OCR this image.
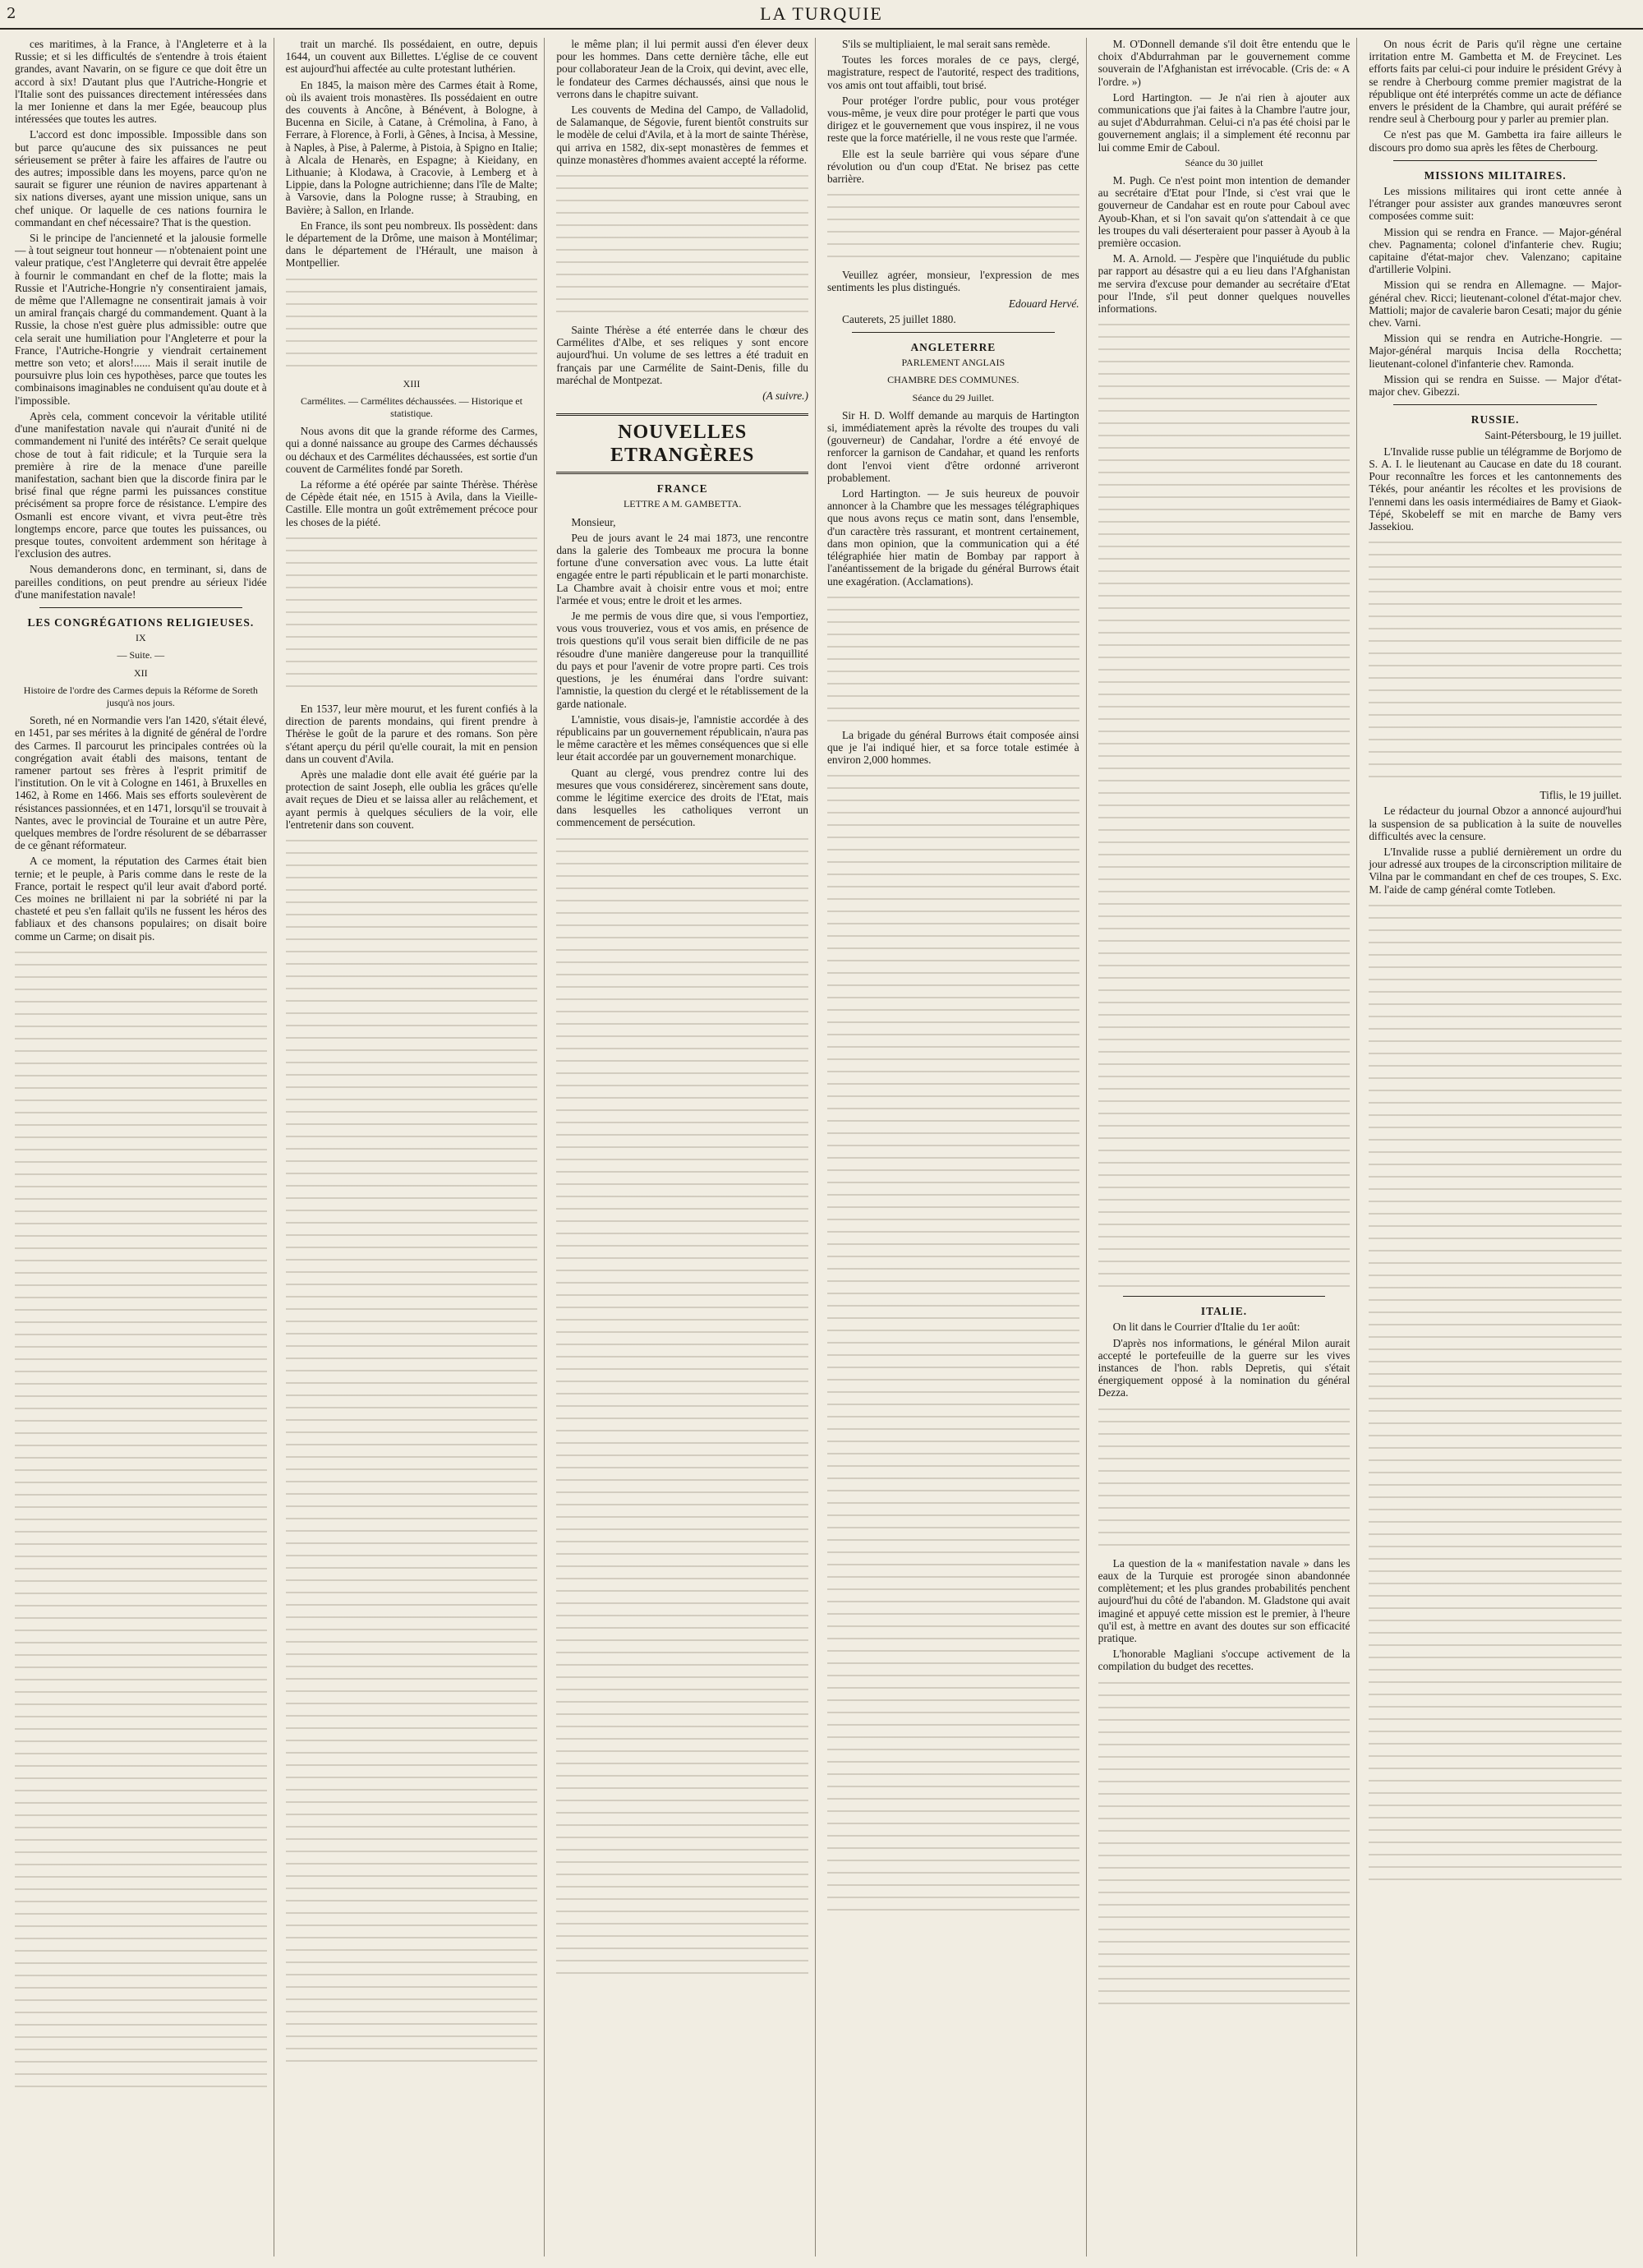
2	LA TURQUIE

ces maritimes, à la France, à l'Angleterre et à la Russie; et si les difficultés de s'entendre à trois étaient grandes, avant Navarin, on se figure ce que doit être un accord à six! D'autant plus que l'Autriche-Hongrie et l'Italie sont des puissances directement intéressées dans la mer Ionienne et dans la mer Egée, beaucoup plus intéressées que toutes les autres.

L'accord est donc impossible. Impossible dans son but parce qu'aucune des six puissances ne peut sérieusement se prêter à faire les affaires de l'autre ou des autres; impossible dans les moyens, parce qu'on ne saurait se figurer une réunion de navires appartenant à six nations diverses, ayant une mission unique, sans un chef unique. Or laquelle de ces nations fournira le commandant en chef nécessaire? That is the question.

Si le principe de l'ancienneté et la jalousie formelle — à tout seigneur tout honneur — n'obtenaient point une valeur pratique, c'est l'Angleterre qui devrait être appelée à fournir le commandant en chef de la flotte; mais la Russie et l'Autriche-Hongrie n'y consentiraient jamais, de même que l'Allemagne ne consentirait jamais à voir un amiral français chargé du commandement. Quant à la Russie, la chose n'est guère plus admissible: outre que cela serait une humiliation pour l'Angleterre et pour la France, l'Autriche-Hongrie y viendrait certainement mettre son veto; et alors!...... Mais il serait inutile de poursuivre plus loin ces hypothèses, parce que toutes les combinaisons imaginables ne conduisent qu'au doute et à l'impossible.

Après cela, comment concevoir la véritable utilité d'une manifestation navale qui n'aurait d'unité ni de commandement ni l'unité des intérêts? Ce serait quelque chose de tout à fait ridicule; et la Turquie sera la première à rire de la menace d'une pareille manifestation, sachant bien que la discorde finira par le brisé final que régne parmi les puissances constitue précisément sa propre force de résistance. L'empire des Osmanli est encore vivant, et vivra peut-être très longtemps encore, parce que toutes les puissances, ou presque toutes, convoitent ardemment son héritage à l'exclusion des autres.

Nous demanderons donc, en terminant, si, dans de pareilles conditions, on peut prendre au sérieux l'idée d'une manifestation navale!

LES CONGRÉGATIONS RELIGIEUSES.

IX

— Suite. —

XII

Histoire de l'ordre des Carmes depuis la Réforme de Soreth jusqu'à nos jours.

Soreth, né en Normandie vers l'an 1420, s'était élevé, en 1451, par ses mérites à la dignité de général de l'ordre des Carmes. Il parcourut les principales contrées où la congrégation avait établi des maisons, tentant de ramener partout ses frères à l'esprit primitif de l'institution. On le vit à Cologne en 1461, à Bruxelles en 1462, à Rome en 1466. Mais ses efforts soulevèrent de résistances passionnées, et en 1471, lorsqu'il se trouvait à Nantes, avec le provincial de Touraine et un autre Père, quelques membres de l'ordre résolurent de se débarrasser de ce gênant réformateur.

A ce moment, la réputation des Carmes était bien ternie; et le peuple, à Paris comme dans le reste de la France, portait le respect qu'il leur avait d'abord porté. Ces moines ne brillaient ni par la sobriété ni par la chasteté et peu s'en fallait qu'ils ne fussent les héros des fabliaux et des chansons populaires; on disait boire comme un Carme; on disait pis.

trait un marché. Ils possédaient, en outre, depuis 1644, un couvent aux Billettes. L'église de ce couvent est aujourd'hui affectée au culte protestant luthérien.

En 1845, la maison mère des Carmes était à Rome, où ils avaient trois monastères. Ils possédaient en outre des couvents à Ancône, à Bénévent, à Bologne, à Bucenna en Sicile, à Catane, à Crémolina, à Fano, à Ferrare, à Florence, à Forli, à Gênes, à Incisa, à Messine, à Naples, à Pise, à Palerme, à Pistoia, à Spigno en Italie; à Alcala de Henarès, en Espagne; à Kieidany, en Lithuanie; à Klodawa, à Cracovie, à Lemberg et à Lippie, dans la Pologne autrichienne; dans l'île de Malte; à Varsovie, dans la Pologne russe; à Straubing, en Bavière; à Sallon, en Irlande.

En France, ils sont peu nombreux. Ils possèdent: dans le département de la Drôme, une maison à Montélimar; dans le département de l'Hérault, une maison à Montpellier.

XIII

Carmélites. — Carmélites déchaussées. — Historique et statistique.

Nous avons dit que la grande réforme des Carmes, qui a donné naissance au groupe des Carmes déchaussés ou déchaux et des Carmélites déchaussées, est sortie d'un couvent de Carmélites fondé par Soreth.

La réforme a été opérée par sainte Thérèse. Thérèse de Cépède était née, en 1515 à Avila, dans la Vieille-Castille. Elle montra un goût extrêmement précoce pour les choses de la piété.

En 1537, leur mère mourut, et les furent confiés à la direction de parents mondains, qui firent prendre à Thérèse le goût de la parure et des romans. Son père s'étant aperçu du péril qu'elle courait, la mit en pension dans un couvent d'Avila.

Après une maladie dont elle avait été guérie par la protection de saint Joseph, elle oublia les grâces qu'elle avait reçues de Dieu et se laissa aller au relâchement, et ayant permis à quelques séculiers de la voir, elle l'entretenir dans son couvent.

le même plan; il lui permit aussi d'en élever deux pour les hommes. Dans cette dernière tâche, elle eut pour collaborateur Jean de la Croix, qui devint, avec elle, le fondateur des Carmes déchaussés, ainsi que nous le verrons dans le chapitre suivant.

Les couvents de Medina del Campo, de Valladolid, de Salamanque, de Ségovie, furent bientôt construits sur le modèle de celui d'Avila, et à la mort de sainte Thérèse, qui arriva en 1582, dix-sept monastères de femmes et quinze monastères d'hommes avaient accepté la réforme.

Sainte Thérèse a été enterrée dans le chœur des Carmélites d'Albe, et ses reliques y sont encore aujourd'hui. Un volume de ses lettres a été traduit en français par une Carmélite de Saint-Denis, fille du maréchal de Montpezat.

(A suivre.)

NOUVELLES ETRANGÈRES

FRANCE

LETTRE A M. GAMBETTA.

Monsieur,

Peu de jours avant le 24 mai 1873, une rencontre dans la galerie des Tombeaux me procura la bonne fortune d'une conversation avec vous. La lutte était engagée entre le parti républicain et le parti monarchiste. La Chambre avait à choisir entre vous et moi; entre l'armée et vous; entre le droit et les armes.

Je me permis de vous dire que, si vous l'emportiez, vous vous trouveriez, vous et vos amis, en présence de trois questions qu'il vous serait bien difficile de ne pas résoudre d'une manière dangereuse pour la tranquillité du pays et pour l'avenir de votre propre parti. Ces trois questions, je les énumérai dans l'ordre suivant: l'amnistie, la question du clergé et le rétablissement de la garde nationale.

L'amnistie, vous disais-je, l'amnistie accordée à des républicains par un gouvernement républicain, n'aura pas le même caractère et les mêmes conséquences que si elle leur était accordée par un gouvernement monarchique.

Quant au clergé, vous prendrez contre lui des mesures que vous considérerez, sincèrement sans doute, comme le légitime exercice des droits de l'Etat, mais dans lesquelles les catholiques verront un commencement de persécution.

S'ils se multipliaient, le mal serait sans remède.

Toutes les forces morales de ce pays, clergé, magistrature, respect de l'autorité, respect des traditions, vos amis ont tout affaibli, tout brisé.

Pour protéger l'ordre public, pour vous protéger vous-même, je veux dire pour protéger le parti que vous dirigez et le gouvernement que vous inspirez, il ne vous reste que la force matérielle, il ne vous reste que l'armée.

Elle est la seule barrière qui vous sépare d'une révolution ou d'un coup d'Etat. Ne brisez pas cette barrière.

Veuillez agréer, monsieur, l'expression de mes sentiments les plus distingués.

Edouard Hervé.

Cauterets, 25 juillet 1880.

ANGLETERRE

PARLEMENT ANGLAIS

CHAMBRE DES COMMUNES.

Séance du 29 Juillet.

Sir H. D. Wolff demande au marquis de Hartington si, immédiatement après la révolte des troupes du vali (gouverneur) de Candahar, l'ordre a été envoyé de renforcer la garnison de Candahar, et quand les renforts dont l'envoi vient d'être ordonné arriveront probablement.

Lord Hartington. — Je suis heureux de pouvoir annoncer à la Chambre que les messages télégraphiques que nous avons reçus ce matin sont, dans l'ensemble, d'un caractère très rassurant, et montrent certainement, dans mon opinion, que la communication qui a été télégraphiée hier matin de Bombay par rapport à l'anéantissement de la brigade du général Burrows était une exagération. (Acclamations).

La brigade du général Burrows était composée ainsi que je l'ai indiqué hier, et sa force totale estimée à environ 2,000 hommes.

M. O'Donnell demande s'il doit être entendu que le choix d'Abdurrahman par le gouvernement comme souverain de l'Afghanistan est irrévocable. (Cris de: « A l'ordre. »)

Lord Hartington. — Je n'ai rien à ajouter aux communications que j'ai faites à la Chambre l'autre jour, au sujet d'Abdurrahman. Celui-ci n'a pas été choisi par le gouvernement anglais; il a simplement été reconnu par lui comme Emir de Caboul.

Séance du 30 juillet

M. Pugh. Ce n'est point mon intention de demander au secrétaire d'Etat pour l'Inde, si c'est vrai que le gouverneur de Candahar est en route pour Caboul avec Ayoub-Khan, et si l'on savait qu'on s'attendait à ce que les troupes du vali déserteraient pour passer à Ayoub à la première occasion.

M. A. Arnold. — J'espère que l'inquiétude du public par rapport au désastre qui a eu lieu dans l'Afghanistan me servira d'excuse pour demander au secrétaire d'Etat pour l'Inde, s'il peut donner quelques nouvelles informations.

ITALIE.

On lit dans le Courrier d'Italie du 1er août:

D'après nos informations, le général Milon aurait accepté le portefeuille de la guerre sur les vives instances de l'hon. rabls Depretis, qui s'était énergiquement opposé à la nomination du général Dezza.

La question de la « manifestation navale » dans les eaux de la Turquie est prorogée sinon abandonnée complètement; et les plus grandes probabilités penchent aujourd'hui du côté de l'abandon. M. Gladstone qui avait imaginé et appuyé cette mission est le premier, à l'heure qu'il est, à mettre en avant des doutes sur son efficacité pratique.

L'honorable Magliani s'occupe activement de la compilation du budget des recettes.

On nous écrit de Paris qu'il règne une certaine irritation entre M. Gambetta et M. de Freycinet. Les efforts faits par celui-ci pour induire le président Grévy à se rendre à Cherbourg comme premier magistrat de la république ont été interprétés comme un acte de défiance envers le président de la Chambre, qui aurait préféré se rendre seul à Cherbourg pour y parler au premier plan.

Ce n'est pas que M. Gambetta ira faire ailleurs le discours pro domo sua après les fêtes de Cherbourg.

MISSIONS MILITAIRES.

Les missions militaires qui iront cette année à l'étranger pour assister aux grandes manœuvres seront composées comme suit:

Mission qui se rendra en France. — Major-général chev. Pagnamenta; colonel d'infanterie chev. Rugiu; capitaine d'état-major chev. Valenzano; capitaine d'artillerie Volpini.

Mission qui se rendra en Allemagne. — Major-général chev. Ricci; lieutenant-colonel d'état-major chev. Mattioli; major de cavalerie baron Cesati; major du génie chev. Varni.

Mission qui se rendra en Autriche-Hongrie. — Major-général marquis Incisa della Rocchetta; lieutenant-colonel d'infanterie chev. Ramonda.

Mission qui se rendra en Suisse. — Major d'état-major chev. Gibezzi.

RUSSIE.

Saint-Pétersbourg, le 19 juillet.

L'Invalide russe publie un télégramme de Borjomo de S. A. I. le lieutenant au Caucase en date du 18 courant. Pour reconnaître les forces et les cantonnements des Tékés, pour anéantir les récoltes et les provisions de l'ennemi dans les oasis intermédiaires de Bamy et Giaok-Tépé, Skobeleff se mit en marche de Bamy vers Jassekiou.

Tiflis, le 19 juillet.

Le rédacteur du journal Obzor a annoncé aujourd'hui la suspension de sa publication à la suite de nouvelles difficultés avec la censure.

L'Invalide russe a publié dernièrement un ordre du jour adressé aux troupes de la circonscription militaire de Vilna par le commandant en chef de ces troupes, S. Exc. M. l'aide de camp général comte Totleben.
